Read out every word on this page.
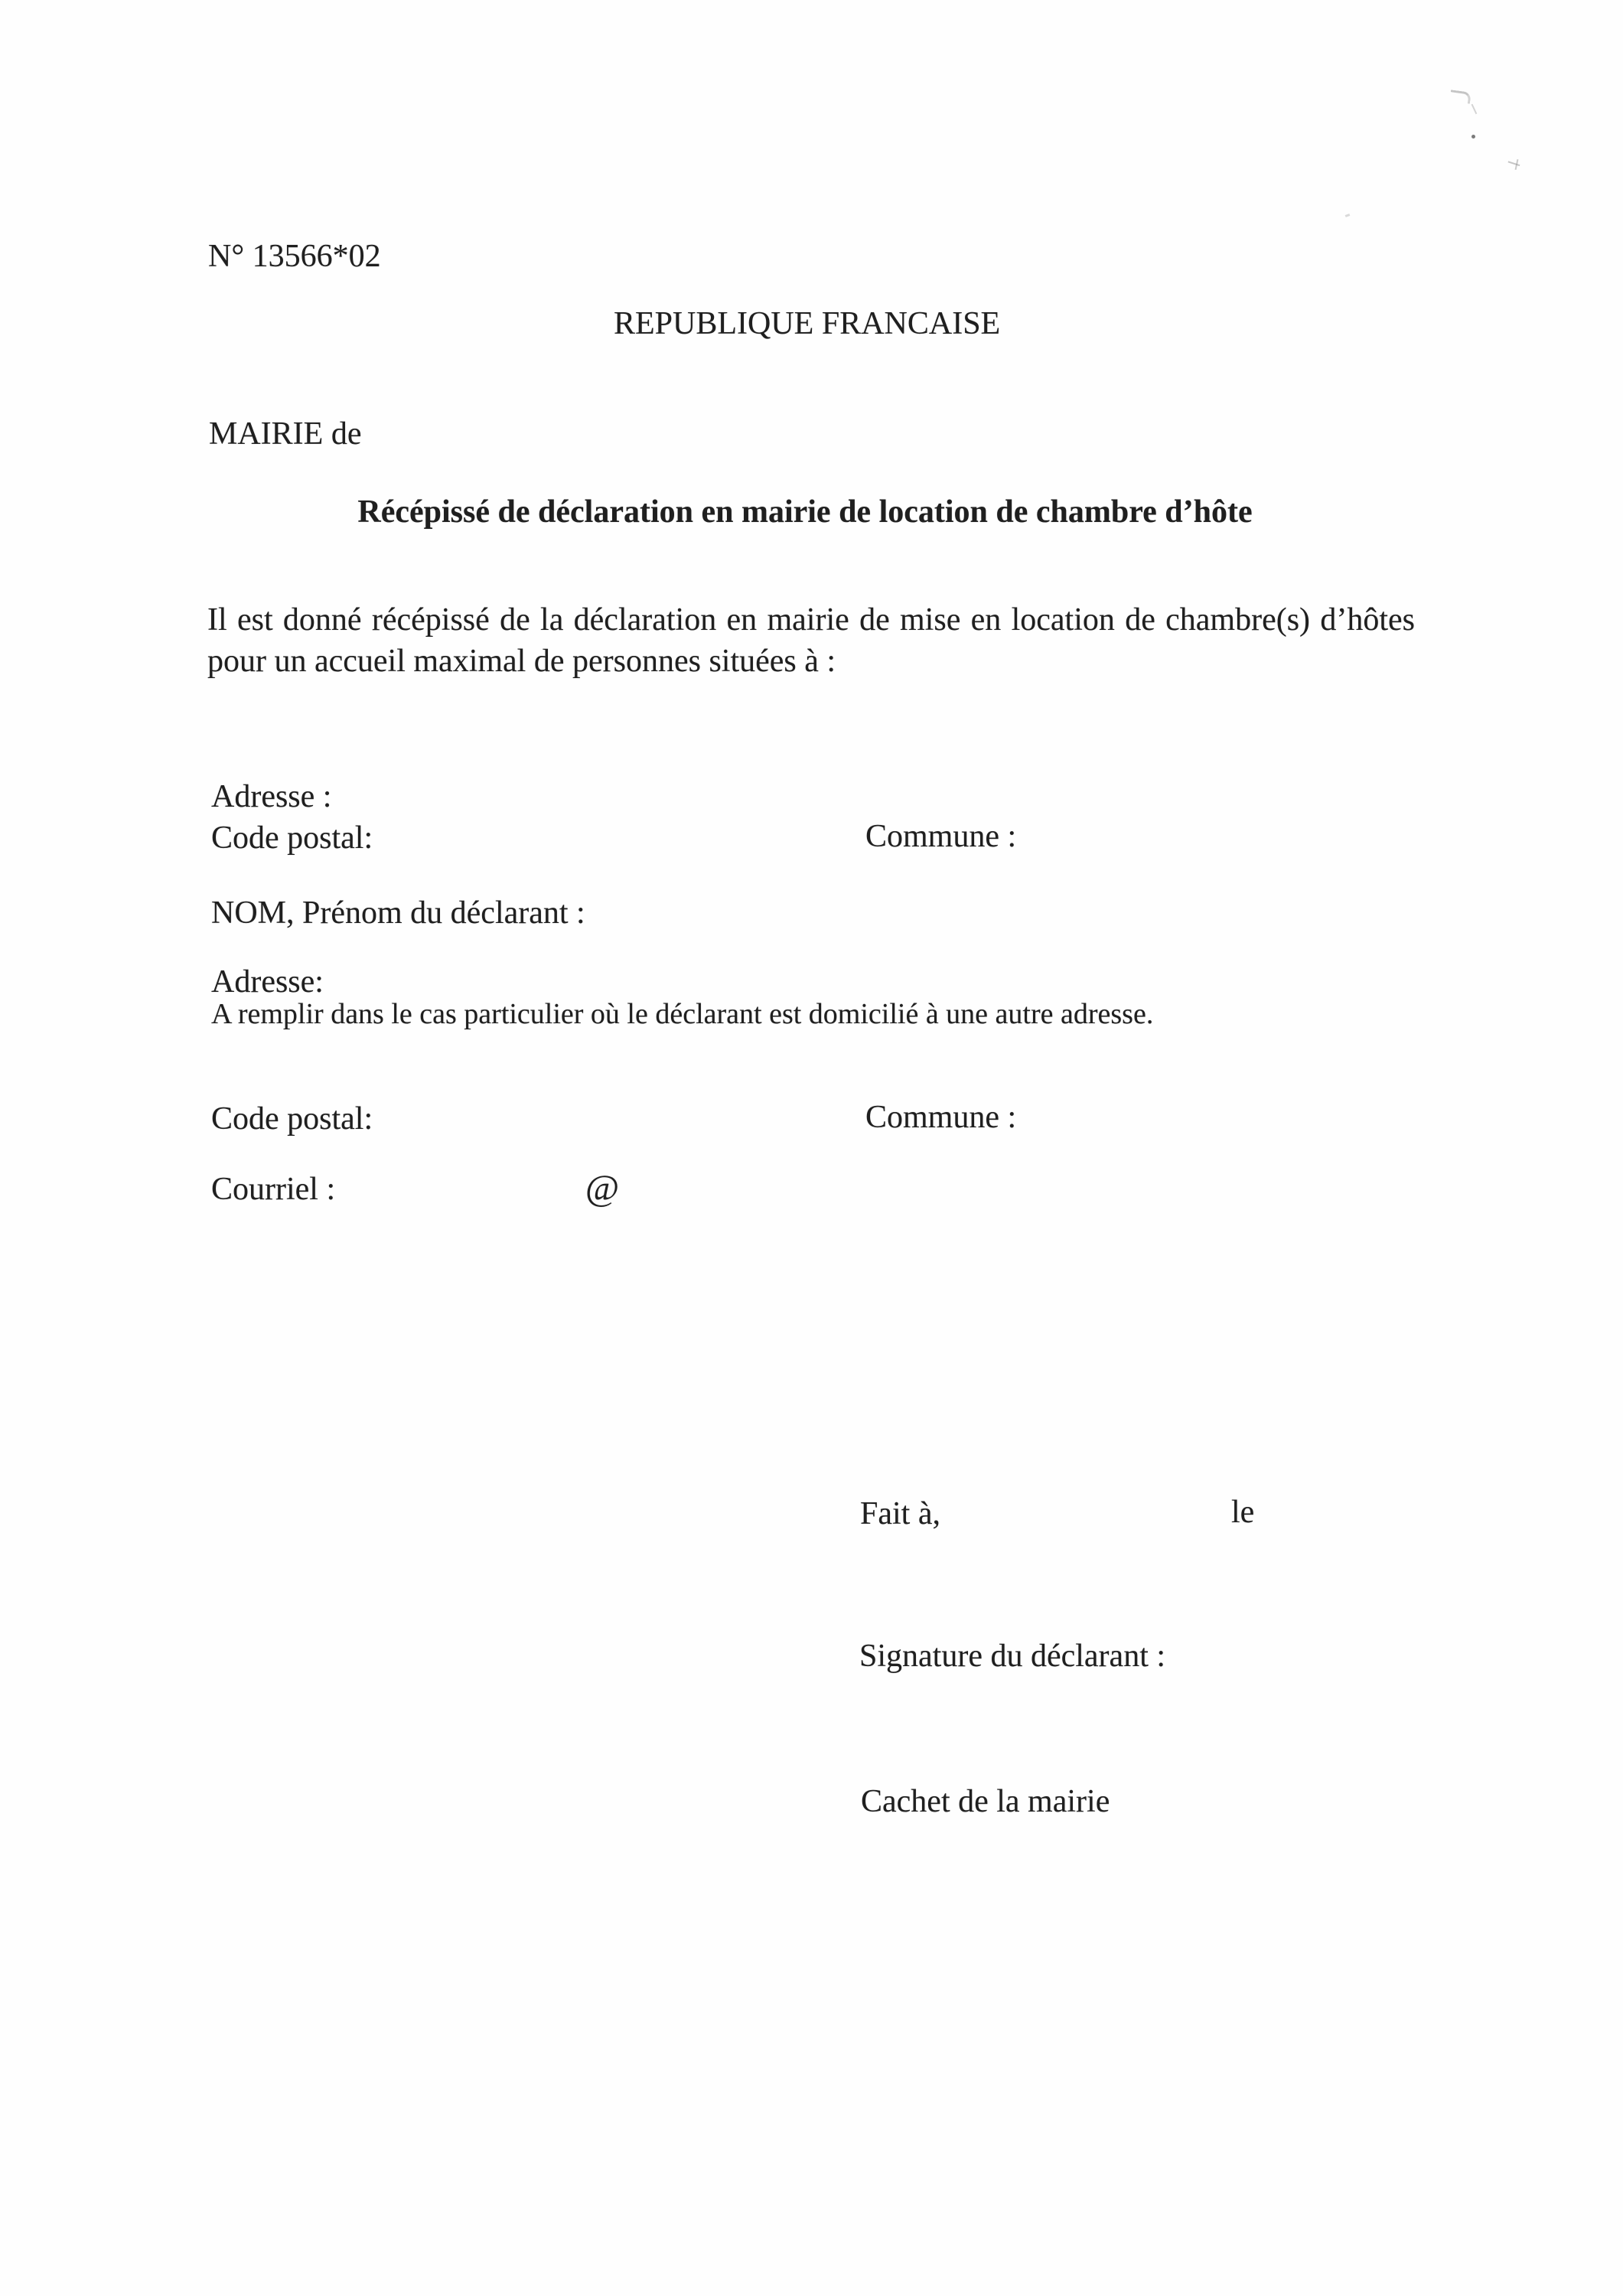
N° 13566*02
REPUBLIQUE FRANCAISE
MAIRIE de
Récépissé de déclaration en mairie de location de chambre d’hôte
Il est donné récépissé de la déclaration en mairie de mise en location de chambre(s) d’hôtes
pour un accueil maximal de personnes situées à :
Adresse :
Code postal:	Commune :
NOM, Prénom du déclarant :
Adresse:
A remplir dans le cas particulier où le déclarant est domicilié à une autre adresse.
Code postal:	Commune :
Courriel :	@
Fait à,	le
Signature du déclarant :
Cachet de la mairie
